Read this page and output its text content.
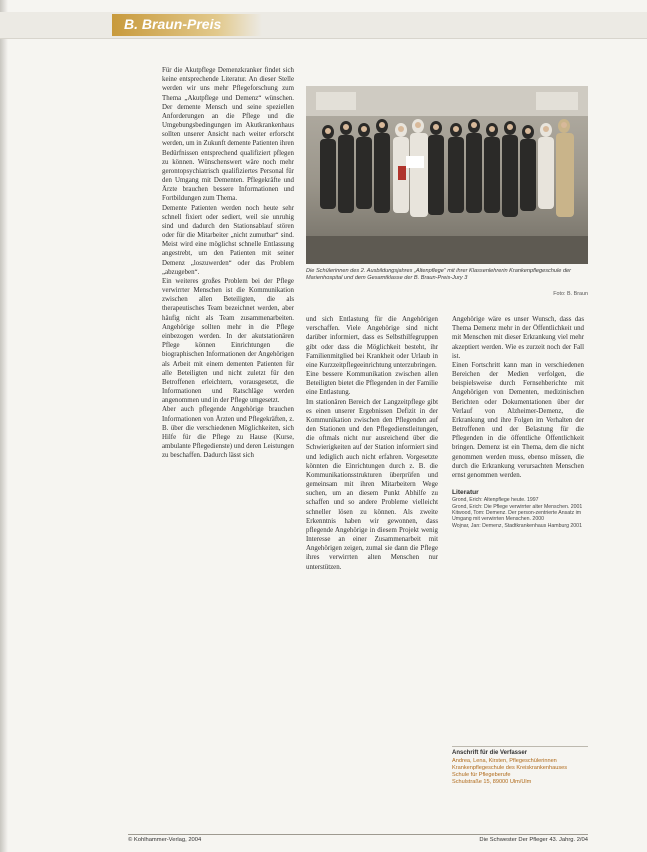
B. Braun-Preis

Für die Akutpflege Demenzkranker findet sich keine entsprechende Literatur. An dieser Stelle werden wir uns mehr Pflegeforschung zum Thema „Akutpflege und Demenz“ wünschen. Der demente Mensch und seine speziellen Anforderungen an die Pflege und die Umgebungsbedingungen im Akutkrankenhaus sollten unserer Ansicht nach weiter erforscht werden, um in Zukunft demente Patienten ihren Bedürfnissen entsprechend qualifiziert pflegen zu können. Wünschenswert wäre noch mehr gerontopsychiatrisch qualifiziertes Personal für den Umgang mit Dementen. Pflegekräfte und Ärzte brauchen bessere Informationen und Fortbildungen zum Thema.

Demente Patienten werden noch heute sehr schnell fixiert oder sediert, weil sie unruhig sind und dadurch den Stationsablauf stören oder für die Mitarbeiter „nicht zumutbar“ sind. Meist wird eine möglichst schnelle Entlassung angestrebt, um den Patienten mit seiner Demenz „loszuwerden“ oder das Problem „abzugeben“.

Ein weiteres großes Problem bei der Pflege verwirrter Menschen ist die Kommunikation zwischen allen Beteiligten, die als therapeutisches Team bezeichnet werden, aber häufig nicht als Team zusammenarbeiten. Angehörige sollten mehr in die Pflege einbezogen werden. In der akutstationären Pflege können Einrichtungen die biographischen Informationen der Angehörigen als Arbeit mit einem dementen Patienten für alle Beteiligten und nicht zuletzt für den Betroffenen erleichtern, vorausgesetzt, die Informationen und Ratschläge werden angenommen und in der Pflege umgesetzt.

Aber auch pflegende Angehörige brauchen Informationen von Ärzten und Pflegekräften, z. B. über die verschiedenen Möglichkeiten, sich Hilfe für die Pflege zu Hause (Kurse, ambulante Pflegedienste) und deren Leistungen zu beschaffen. Dadurch lässt sich

Die Schülerinnen des 2. Ausbildungsjahres „Altenpflege“ mit ihrer Klassenlehrerin Krankenpflegeschule der Marienhospital und dem Gesamtklasse der B. Braun-Preis-Jury 3
Foto: B. Braun

und sich Entlastung für die Angehörigen verschaffen. Viele Angehörige sind nicht darüber informiert, dass es Selbsthilfegruppen gibt oder dass die Möglichkeit besteht, ihr Familienmitglied bei Krankheit oder Urlaub in eine Kurzzeitpflegeeinrichtung unterzubringen.

Eine bessere Kommunikation zwischen allen Beteiligten bietet die Pflegenden in der Familie eine Entlastung.

Im stationären Bereich der Langzeitpflege gibt es einen unserer Ergebnissen Defizit in der Kommunikation zwischen den Pflegenden auf den Stationen und den Pflegedienstleitungen, die oftmals nicht nur ausreichend über die Schwierigkeiten auf der Station informiert sind und lediglich auch nicht erfahren. Vorgesetzte könnten die Einrichtungen durch z. B. die Kommunikationsstrukturen überprüfen und gemeinsam mit ihren Mitarbeitern Wege suchen, um an diesem Punkt Abhilfe zu schaffen und so andere Probleme vielleicht schneller lösen zu können. Als zweite Erkenntnis haben wir gewonnen, dass pflegende Angehörige in diesem Projekt wenig Interesse an einer Zusammenarbeit mit Angehörigen zeigen, zumal sie dann die Pflege ihres verwirrten alten Menschen nur unterstützen.

Angehörige wäre es unser Wunsch, dass das Thema Demenz mehr in der Öffentlichkeit und mit Menschen mit dieser Erkrankung viel mehr akzeptiert werden. Wie es zurzeit noch der Fall ist.

Einen Fortschritt kann man in verschiedenen Bereichen der Medien verfolgen, die beispielsweise durch Fernsehberichte mit Angehörigen von Dementen, medizinischen Berichten oder Dokumentationen über der Verlauf von Alzheimer-Demenz, die Erkrankung und ihre Folgen im Verhalten der Betroffenen und der Belastung für die Pflegenden in die öffentliche Öffentlichkeit bringen. Demenz ist ein Thema, dem die nicht genommen werden muss, ebenso müssen, die durch die Erkrankung verursachten Menschen ernst genommen werden.

Literatur

Grond, Erich: Altenpflege heute. 1997

Grond, Erich: Die Pflege verwirrter alter Menschen. 2001

Kitwood, Tom: Demenz. Der person-zentrierte Ansatz im Umgang mit verwirrten Menschen. 2000

Wojnar, Jan: Demenz, Stadtkrankenhaus Hamburg 2001

Anschrift für die Verfasser

Andrea, Lena, Kirsten, Pflegeschülerinnen

Krankenpflegeschule des Kreiskrankenhauses

Schule für Pflegeberufe

Schulstraße 15, 89000 Ulm/Ulm

© Kohlhammer-Verlag, 2004	Die Schwester Der Pfleger 43. Jahrg. 2/04
